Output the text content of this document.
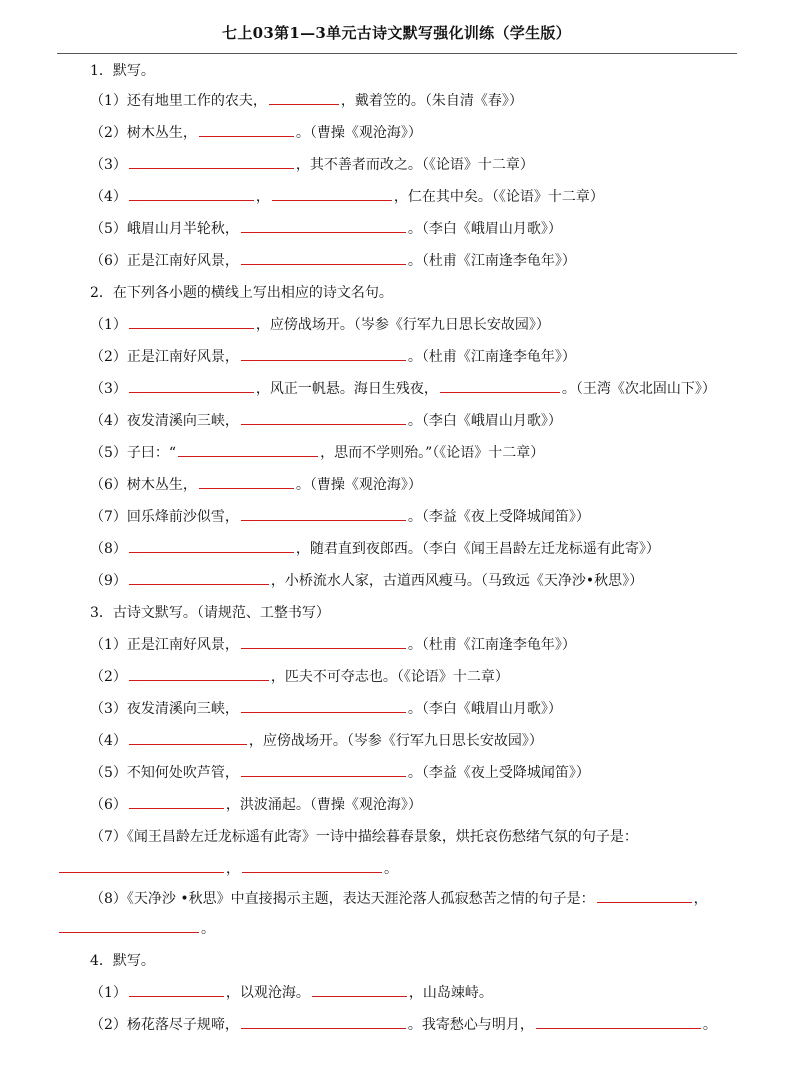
七上03第1—3单元古诗文默写强化训练（学生版）
1．默写。
（1）还有地里工作的农夫，	，戴着笠的。（朱自清《春》）
（2）树木丛生，	。（曹操《观沧海》）
（3）	，其不善者而改之。（《论语》十二章）
（4）	，	，仁在其中矣。（《论语》十二章）
（5）峨眉山月半轮秋，	。（李白《峨眉山月歌》）
（6）正是江南好风景，	。（杜甫《江南逢李龟年》）
2．在下列各小题的横线上写出相应的诗文名句。
（1）	，应傍战场开。（岑参《行军九日思长安故园》）
（2）正是江南好风景，	。（杜甫《江南逢李龟年》）
（3）	，风正一帆悬。海日生残夜，	。（王湾《次北固山下》）
（4）夜发清溪向三峡，	。（李白《峨眉山月歌》）
（5）子曰：“	，思而不学则殆。”（《论语》十二章）
（6）树木丛生，	。（曹操《观沧海》）
（7）回乐烽前沙似雪，	。（李益《夜上受降城闻笛》）
（8）	，随君直到夜郎西。（李白《闻王昌龄左迁龙标遥有此寄》）
（9）	，小桥流水人家，古道西风瘦马。（马致远《天净沙•秋思》）
3．古诗文默写。（请规范、工整书写）
（1）正是江南好风景，	。（杜甫《江南逢李龟年》）
（2）	，匹夫不可夺志也。（《论语》十二章）
（3）夜发清溪向三峡，	。（李白《峨眉山月歌》）
（4）	，应傍战场开。（岑参《行军九日思长安故园》）
（5）不知何处吹芦管，	。（李益《夜上受降城闻笛》）
（6）	，洪波涌起。（曹操《观沧海》）
（7）《闻王昌龄左迁龙标遥有此寄》一诗中描绘暮春景象，烘托哀伤愁绪气氛的句子是：
，	。
（8）《天净沙 •秋思》中直接揭示主题，表达天涯沦落人孤寂愁苦之情的句子是：	，
。
4．默写。
（1）	，以观沧海。	，山岛竦峙。
（2）杨花落尽子规啼，	。我寄愁心与明月，	。
